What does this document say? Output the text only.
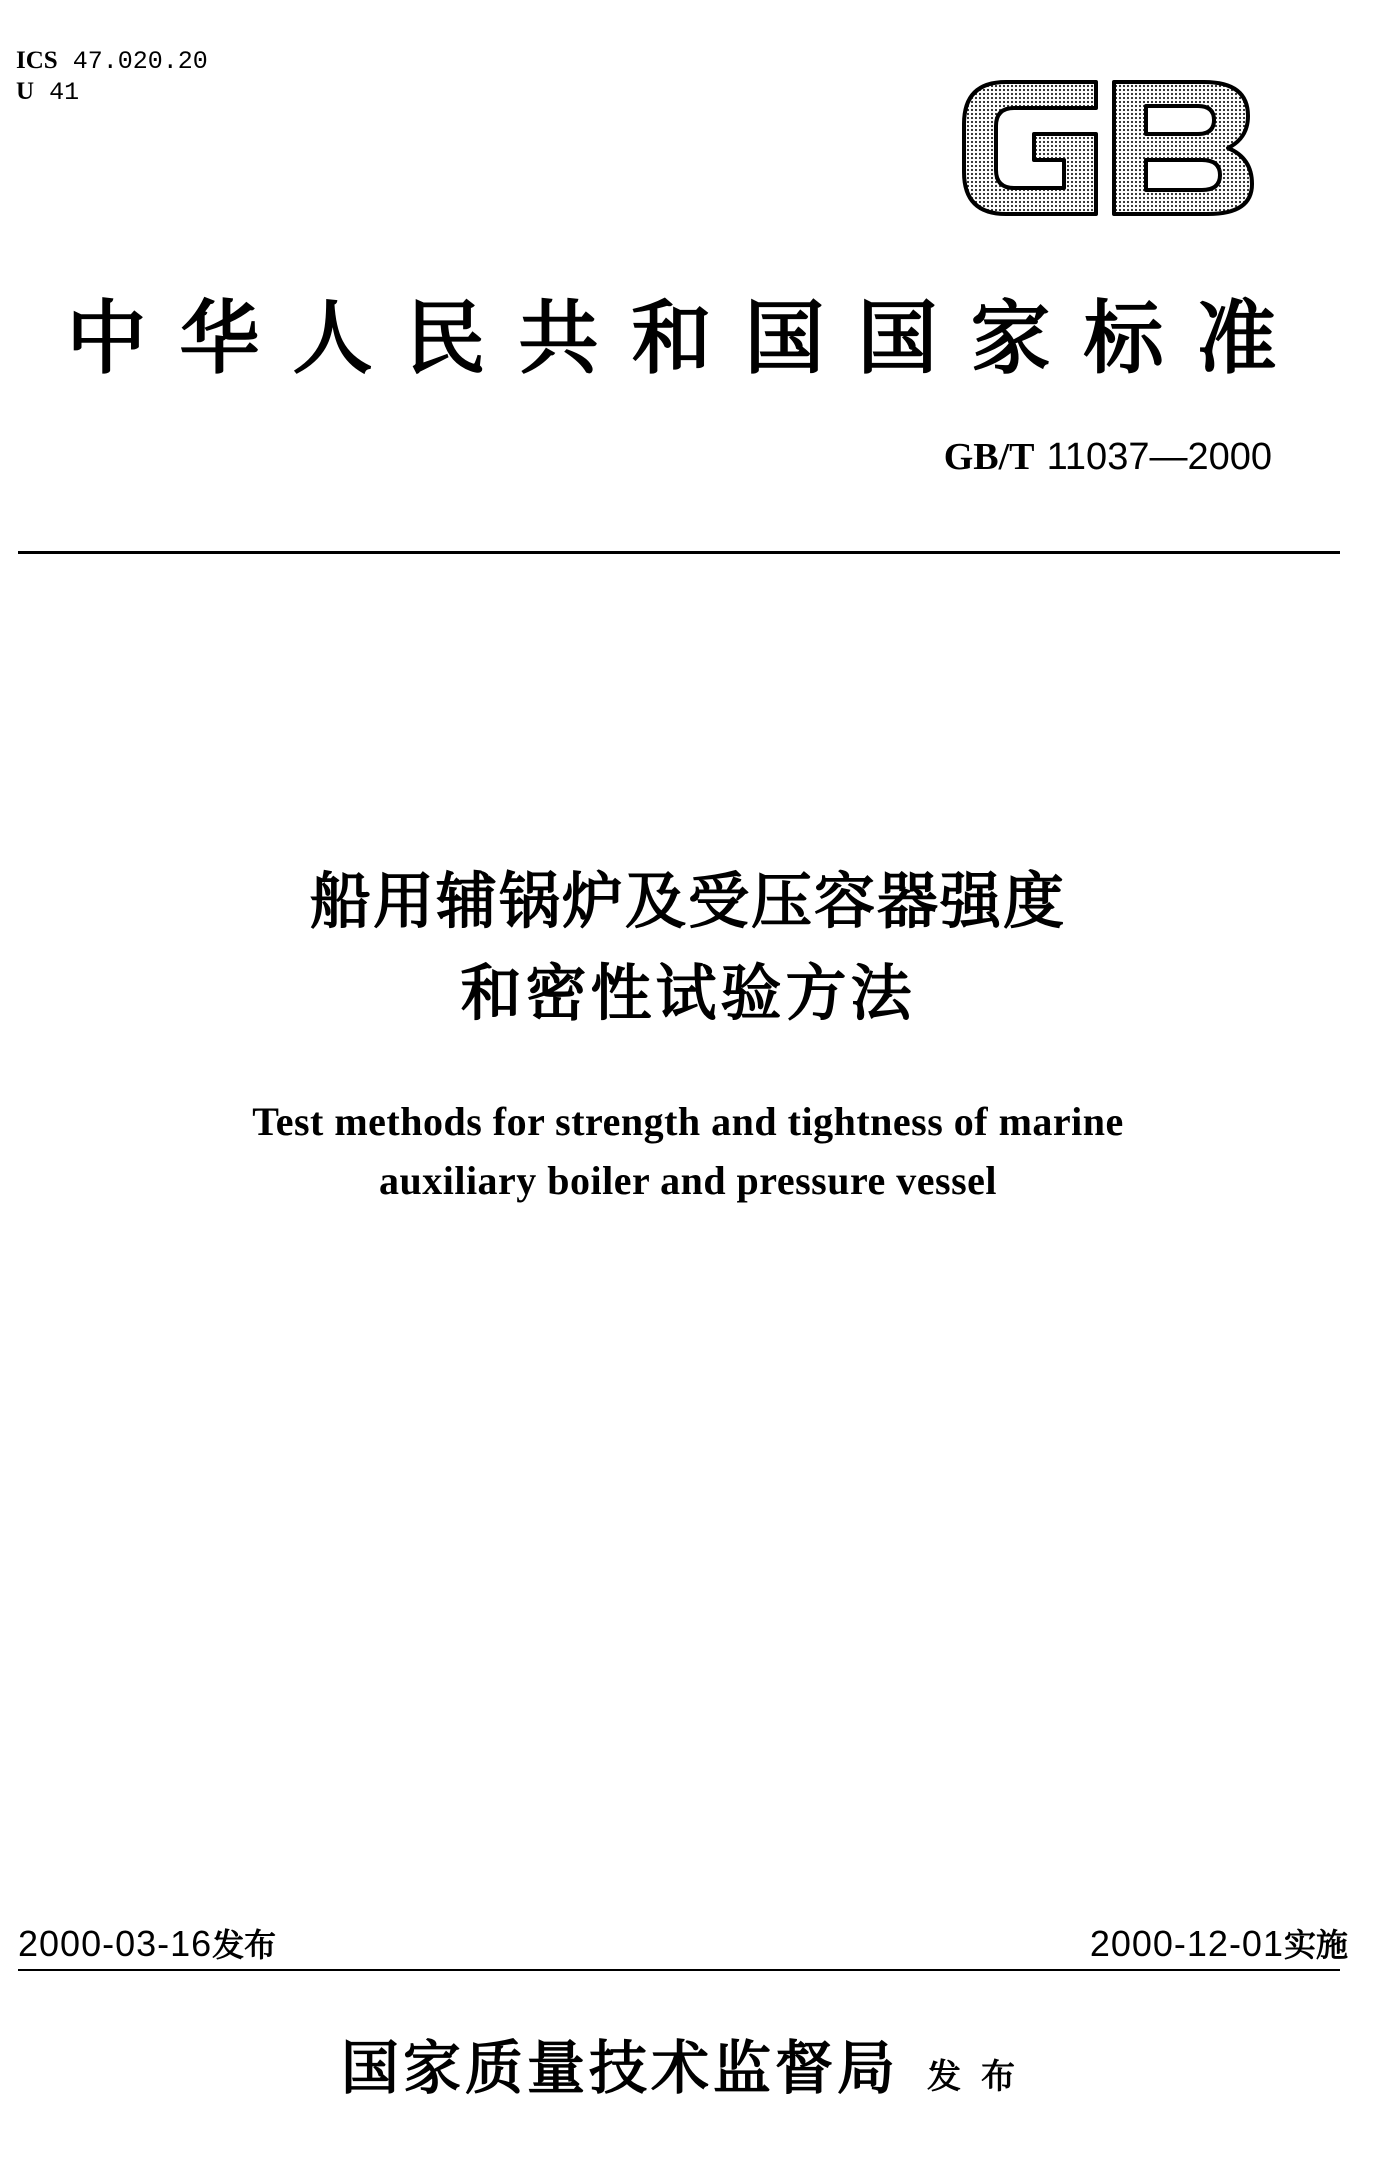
ICS 47.020.20
U 41
中华人民共和国国家标准
GB/T 11037—2000
船用辅锅炉及受压容器强度
和密性试验方法
Test methods for strength and tightness of marine
auxiliary boiler and pressure vessel
2000-03-16发布	2000-12-01实施
国家质量技术监督局 发布
